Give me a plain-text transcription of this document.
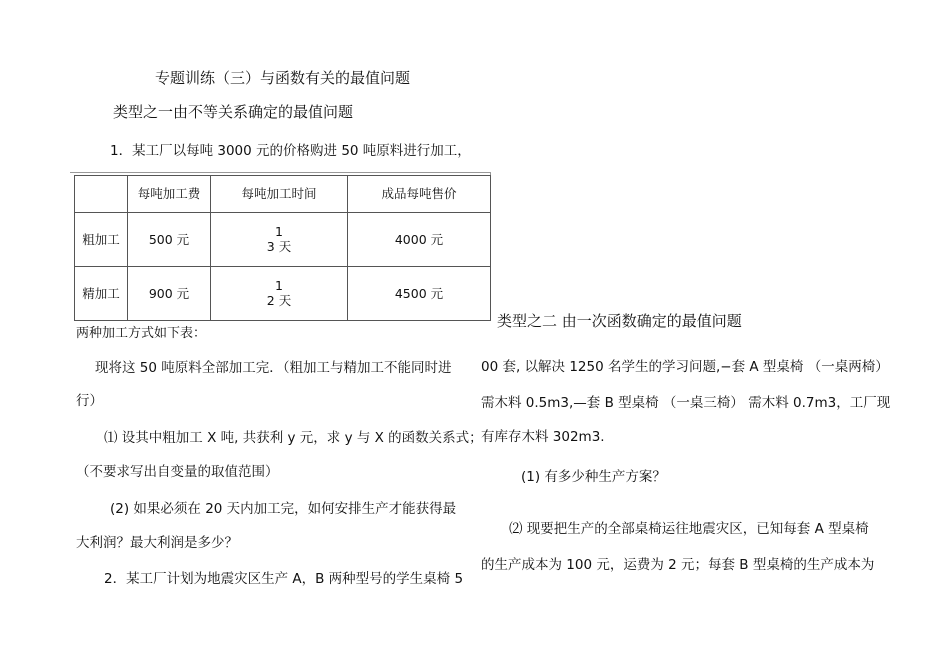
专题训练（三）与函数有关的最值问题
类型之一由不等关系确定的最值问题
1．某工厂以每吨 3000 元的价格购进 50 吨原料进行加工，
	每吨加工费	每吨加工时间	成品每吨售价
粗加工	500 元	1
3 天	4000 元
精加工	900 元	1
2 天	4500 元
两种加工方式如下表：
现将这 50 吨原料全部加工完．（粗加工与精加工不能同时进
行）
⑴ 设其中粗加工 X 吨, 共获利 y 元，求 y 与 X 的函数关系式；
（不要求写出自变量的取值范围）
(2) 如果必须在 20 天内加工完，如何安排生产才能获得最
大利润？最大利润是多少？
2．某工厂计划为地震灾区生产 A，B 两种型号的学生桌椅 5
类型之二 由一次函数确定的最值问题
00 套, 以解决 1250 名学生的学习问题,−套 A 型桌椅 （一桌两椅）
需木料 0.5m3,—套 B 型桌椅 （一桌三椅） 需木料 0.7m3，工厂现
有库存木料 302m3.
(1) 有多少种生产方案？
⑵ 现要把生产的全部桌椅运往地震灾区，已知每套 A 型桌椅
的生产成本为 100 元，运费为 2 元；每套 B 型桌椅的生产成本为
